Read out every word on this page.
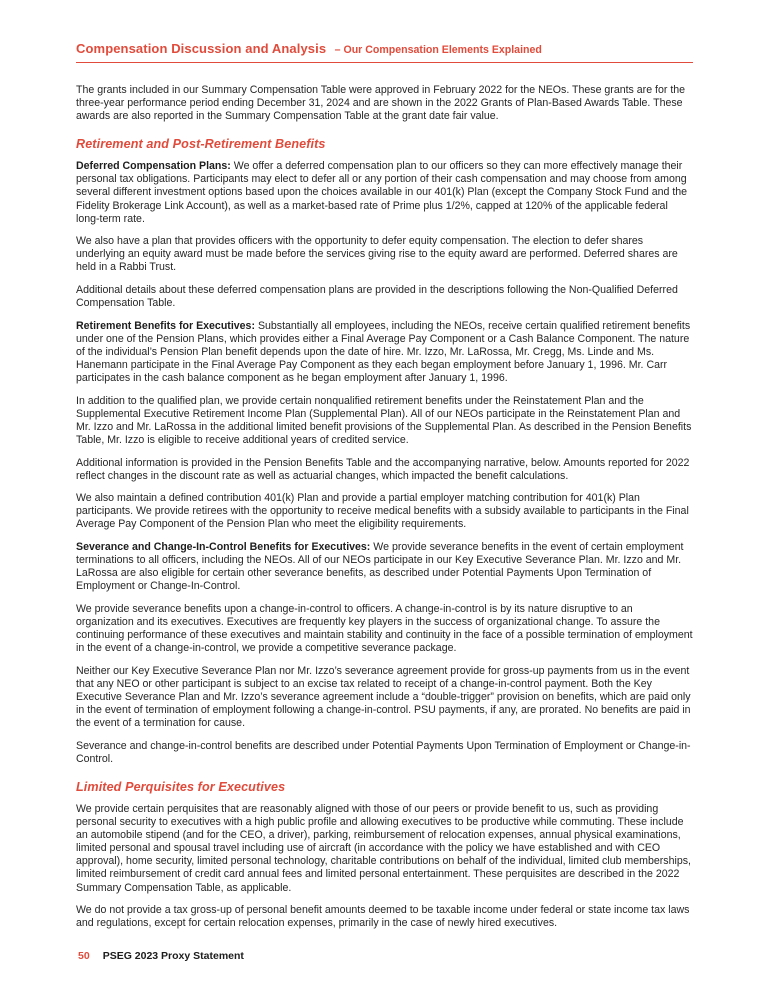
Compensation Discussion and Analysis – Our Compensation Elements Explained

The grants included in our Summary Compensation Table were approved in February 2022 for the NEOs. These grants are for the three-year performance period ending December 31, 2024 and are shown in the 2022 Grants of Plan-Based Awards Table. These awards are also reported in the Summary Compensation Table at the grant date fair value.

Retirement and Post-Retirement Benefits

Deferred Compensation Plans: We offer a deferred compensation plan to our officers so they can more effectively manage their personal tax obligations. Participants may elect to defer all or any portion of their cash compensation and may choose from among several different investment options based upon the choices available in our 401(k) Plan (except the Company Stock Fund and the Fidelity Brokerage Link Account), as well as a market-based rate of Prime plus 1/2%, capped at 120% of the applicable federal long-term rate.

We also have a plan that provides officers with the opportunity to defer equity compensation. The election to defer shares underlying an equity award must be made before the services giving rise to the equity award are performed. Deferred shares are held in a Rabbi Trust.

Additional details about these deferred compensation plans are provided in the descriptions following the Non-Qualified Deferred Compensation Table.

Retirement Benefits for Executives: Substantially all employees, including the NEOs, receive certain qualified retirement benefits under one of the Pension Plans, which provides either a Final Average Pay Component or a Cash Balance Component. The nature of the individual’s Pension Plan benefit depends upon the date of hire. Mr. Izzo, Mr. LaRossa, Mr. Cregg, Ms. Linde and Ms. Hanemann participate in the Final Average Pay Component as they each began employment before January 1, 1996. Mr. Carr participates in the cash balance component as he began employment after January 1, 1996.

In addition to the qualified plan, we provide certain nonqualified retirement benefits under the Reinstatement Plan and the Supplemental Executive Retirement Income Plan (Supplemental Plan). All of our NEOs participate in the Reinstatement Plan and Mr. Izzo and Mr. LaRossa in the additional limited benefit provisions of the Supplemental Plan. As described in the Pension Benefits Table, Mr. Izzo is eligible to receive additional years of credited service.

Additional information is provided in the Pension Benefits Table and the accompanying narrative, below. Amounts reported for 2022 reflect changes in the discount rate as well as actuarial changes, which impacted the benefit calculations.

We also maintain a defined contribution 401(k) Plan and provide a partial employer matching contribution for 401(k) Plan participants. We provide retirees with the opportunity to receive medical benefits with a subsidy available to participants in the Final Average Pay Component of the Pension Plan who meet the eligibility requirements.

Severance and Change-In-Control Benefits for Executives: We provide severance benefits in the event of certain employment terminations to all officers, including the NEOs. All of our NEOs participate in our Key Executive Severance Plan. Mr. Izzo and Mr. LaRossa are also eligible for certain other severance benefits, as described under Potential Payments Upon Termination of Employment or Change-In-Control.

We provide severance benefits upon a change-in-control to officers. A change-in-control is by its nature disruptive to an organization and its executives. Executives are frequently key players in the success of organizational change. To assure the continuing performance of these executives and maintain stability and continuity in the face of a possible termination of employment in the event of a change-in-control, we provide a competitive severance package.

Neither our Key Executive Severance Plan nor Mr. Izzo’s severance agreement provide for gross-up payments from us in the event that any NEO or other participant is subject to an excise tax related to receipt of a change-in-control payment. Both the Key Executive Severance Plan and Mr. Izzo’s severance agreement include a “double-trigger” provision on benefits, which are paid only in the event of termination of employment following a change-in-control. PSU payments, if any, are prorated. No benefits are paid in the event of a termination for cause.

Severance and change-in-control benefits are described under Potential Payments Upon Termination of Employment or Change-in-Control.

Limited Perquisites for Executives

We provide certain perquisites that are reasonably aligned with those of our peers or provide benefit to us, such as providing personal security to executives with a high public profile and allowing executives to be productive while commuting. These include an automobile stipend (and for the CEO, a driver), parking, reimbursement of relocation expenses, annual physical examinations, limited personal and spousal travel including use of aircraft (in accordance with the policy we have established and with CEO approval), home security, limited personal technology, charitable contributions on behalf of the individual, limited club memberships, limited reimbursement of credit card annual fees and limited personal entertainment. These perquisites are described in the 2022 Summary Compensation Table, as applicable.

We do not provide a tax gross-up of personal benefit amounts deemed to be taxable income under federal or state income tax laws and regulations, except for certain relocation expenses, primarily in the case of newly hired executives.

50 PSEG 2023 Proxy Statement
